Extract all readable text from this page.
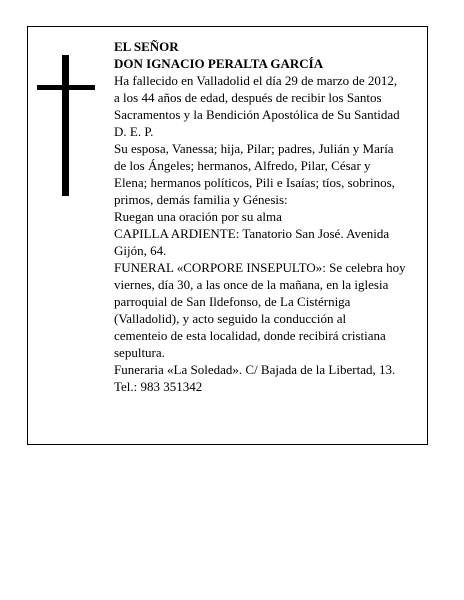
EL SEÑOR
DON IGNACIO PERALTA GARCÍA
Ha fallecido en Valladolid el día 29 de marzo de 2012,
a los 44 años de edad, después de recibir los Santos
Sacramentos y la Bendición Apostólica de Su Santidad
D. E. P.
Su esposa, Vanessa; hija, Pilar; padres, Julián y María
de los Ángeles; hermanos, Alfredo, Pilar, César y
Elena; hermanos políticos, Pili e Isaías; tíos, sobrinos,
primos, demás familia y Génesis:
Ruegan una oración por su alma
CAPILLA ARDIENTE: Tanatorio San José. Avenida
Gijón, 64.
FUNERAL «CORPORE INSEPULTO»: Se celebra hoy
viernes, día 30, a las once de la mañana, en la iglesia
parroquial de San Ildefonso, de La Cistérniga
(Valladolid), y acto seguido la conducción al
cementeio de esta localidad, donde recibirá cristiana
sepultura.
Funeraria «La Soledad». C/ Bajada de la Libertad, 13.
Tel.: 983 351342
